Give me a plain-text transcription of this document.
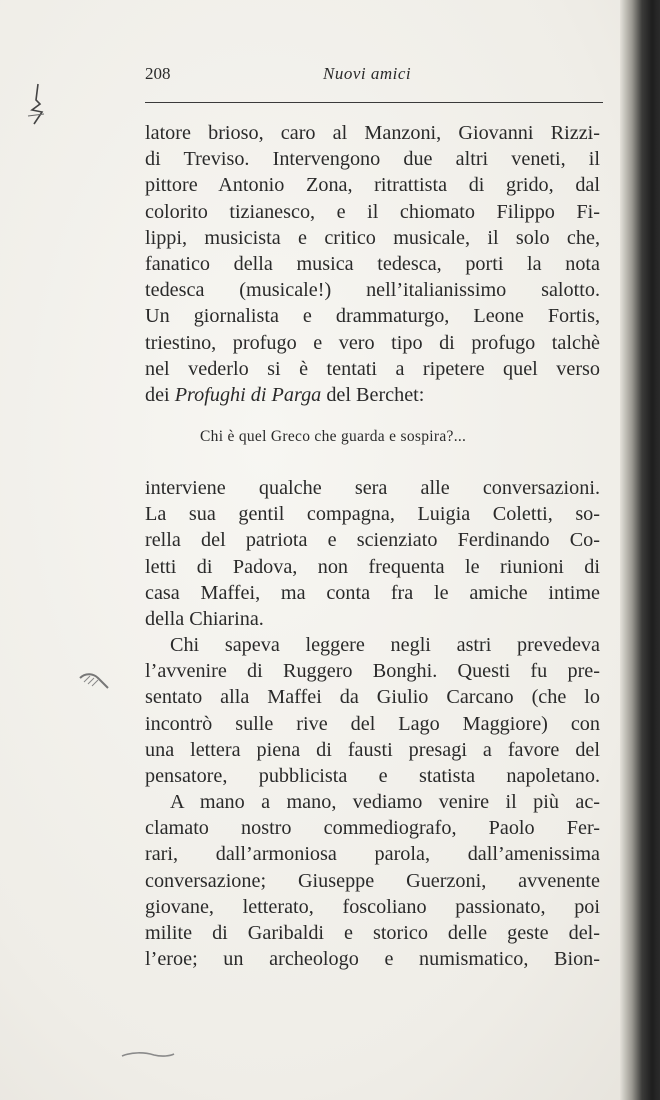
208	Nuovi amici
latore brioso, caro al Manzoni, Giovanni Rizzi-
di Treviso. Intervengono due altri veneti, il
pittore Antonio Zona, ritrattista di grido, dal
colorito tizianesco, e il chiomato Filippo Fi-
lippi, musicista e critico musicale, il solo che,
fanatico della musica tedesca, porti la nota
tedesca (musicale!) nell’italianissimo salotto.
Un giornalista e drammaturgo, Leone Fortis,
triestino, profugo e vero tipo di profugo talchè
nel vederlo si è tentati a ripetere quel verso
dei Profughi di Parga del Berchet:
Chi è quel Greco che guarda e sospira?...
interviene qualche sera alle conversazioni.
La sua gentil compagna, Luigia Coletti, so-
rella del patriota e scienziato Ferdinando Co-
letti di Padova, non frequenta le riunioni di
casa Maffei, ma conta fra le amiche intime
della Chiarina.
Chi sapeva leggere negli astri prevedeva
l’avvenire di Ruggero Bonghi. Questi fu pre-
sentato alla Maffei da Giulio Carcano (che lo
incontrò sulle rive del Lago Maggiore) con
una lettera piena di fausti presagi a favore del
pensatore, pubblicista e statista napoletano.
A mano a mano, vediamo venire il più ac-
clamato nostro commediografo, Paolo Fer-
rari, dall’armoniosa parola, dall’amenissima
conversazione; Giuseppe Guerzoni, avvenente
giovane, letterato, foscoliano passionato, poi
milite di Garibaldi e storico delle geste del-
l’eroe; un archeologo e numismatico, Bion-
